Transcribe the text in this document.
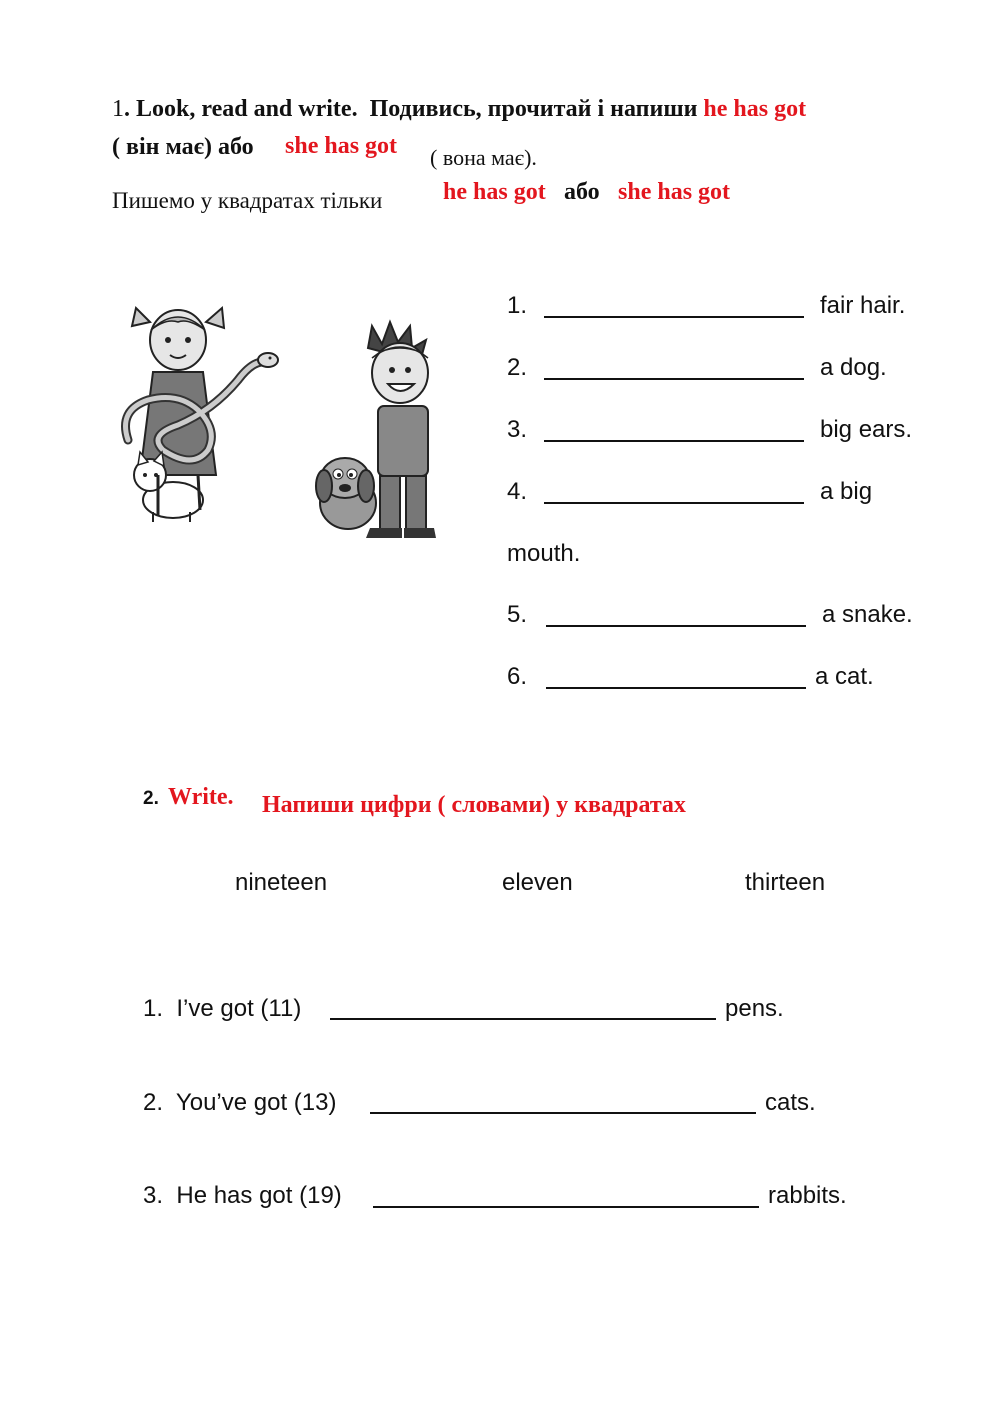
1. Look, read and write. Подивись, прочитай і напиши he has got
( він має) або she has got ( вона має).
Пишемо у квадратах тільки	he has got або she has got
1.	fair hair.
2.	a dog.
3.	big ears.
4.	a big
mouth.
5.	a snake.
6.	a cat.
2. Write. Напиши цифри ( словами) у квадратах
nineteen	eleven	thirteen
1. I’ve got (11)	pens.
2. You’ve got (13)	cats.
3. He has got (19)	rabbits.
